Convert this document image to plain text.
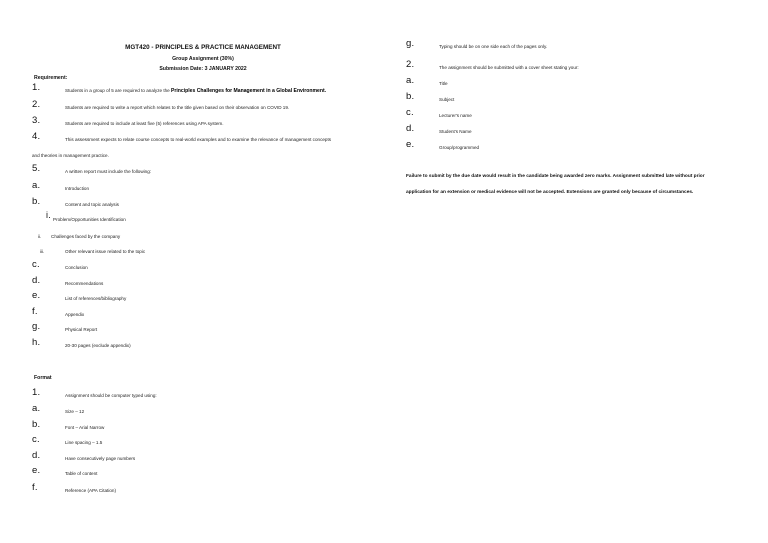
MGT420 - PRINCIPLES & PRACTICE MANAGEMENT
Group Assignment (30%)
Submission Date: 3 JANUARY 2022
Requirement:
1.	Students in a group of 5 are required to analyze the Principles Challenges for Management in a Global Environment.
2.	Students are required to write a report which relates to the title given based on their observation on COVID 19.
3.	Students are required to include at least five (5) references using APA system.
4.	This assessment expects to relate course concepts to real-world examples and to examine the relevance of management concepts
and theories in management practice.
5.	A written report must include the following:
a.	Introduction
b.	Content and topic analysis
i. Problem/Opportunities Identification
ii. Challenges faced by the company
iii.	Other relevant issue related to the topic
c.	Conclusion
d.	Recommendations
e.	List of references/bibliography
f.	Appendix
g.	Physical Report
h.	20-30 pages (exclude appendix)
Format
1.	Assignment should be computer typed using:
a.	Size – 12
b.	Font – Arial Narrow
c.	Line spacing – 1.5
d.	Have consecutively page numbers
e.	Table of content
f.	Reference (APA Citation)
g.	Typing should be on one side each of the pages only.
2.	The assignment should be submitted with a cover sheet stating your:
a.	Title
b.	Subject
c.	Lecturer's name
d.	Student's Name
e.	Group/programmed
Failure to submit by the due date would result in the candidate being awarded zero marks. Assignment submitted late without prior
application for an extension or medical evidence will not be accepted. Extensions are granted only because of circumstances.
